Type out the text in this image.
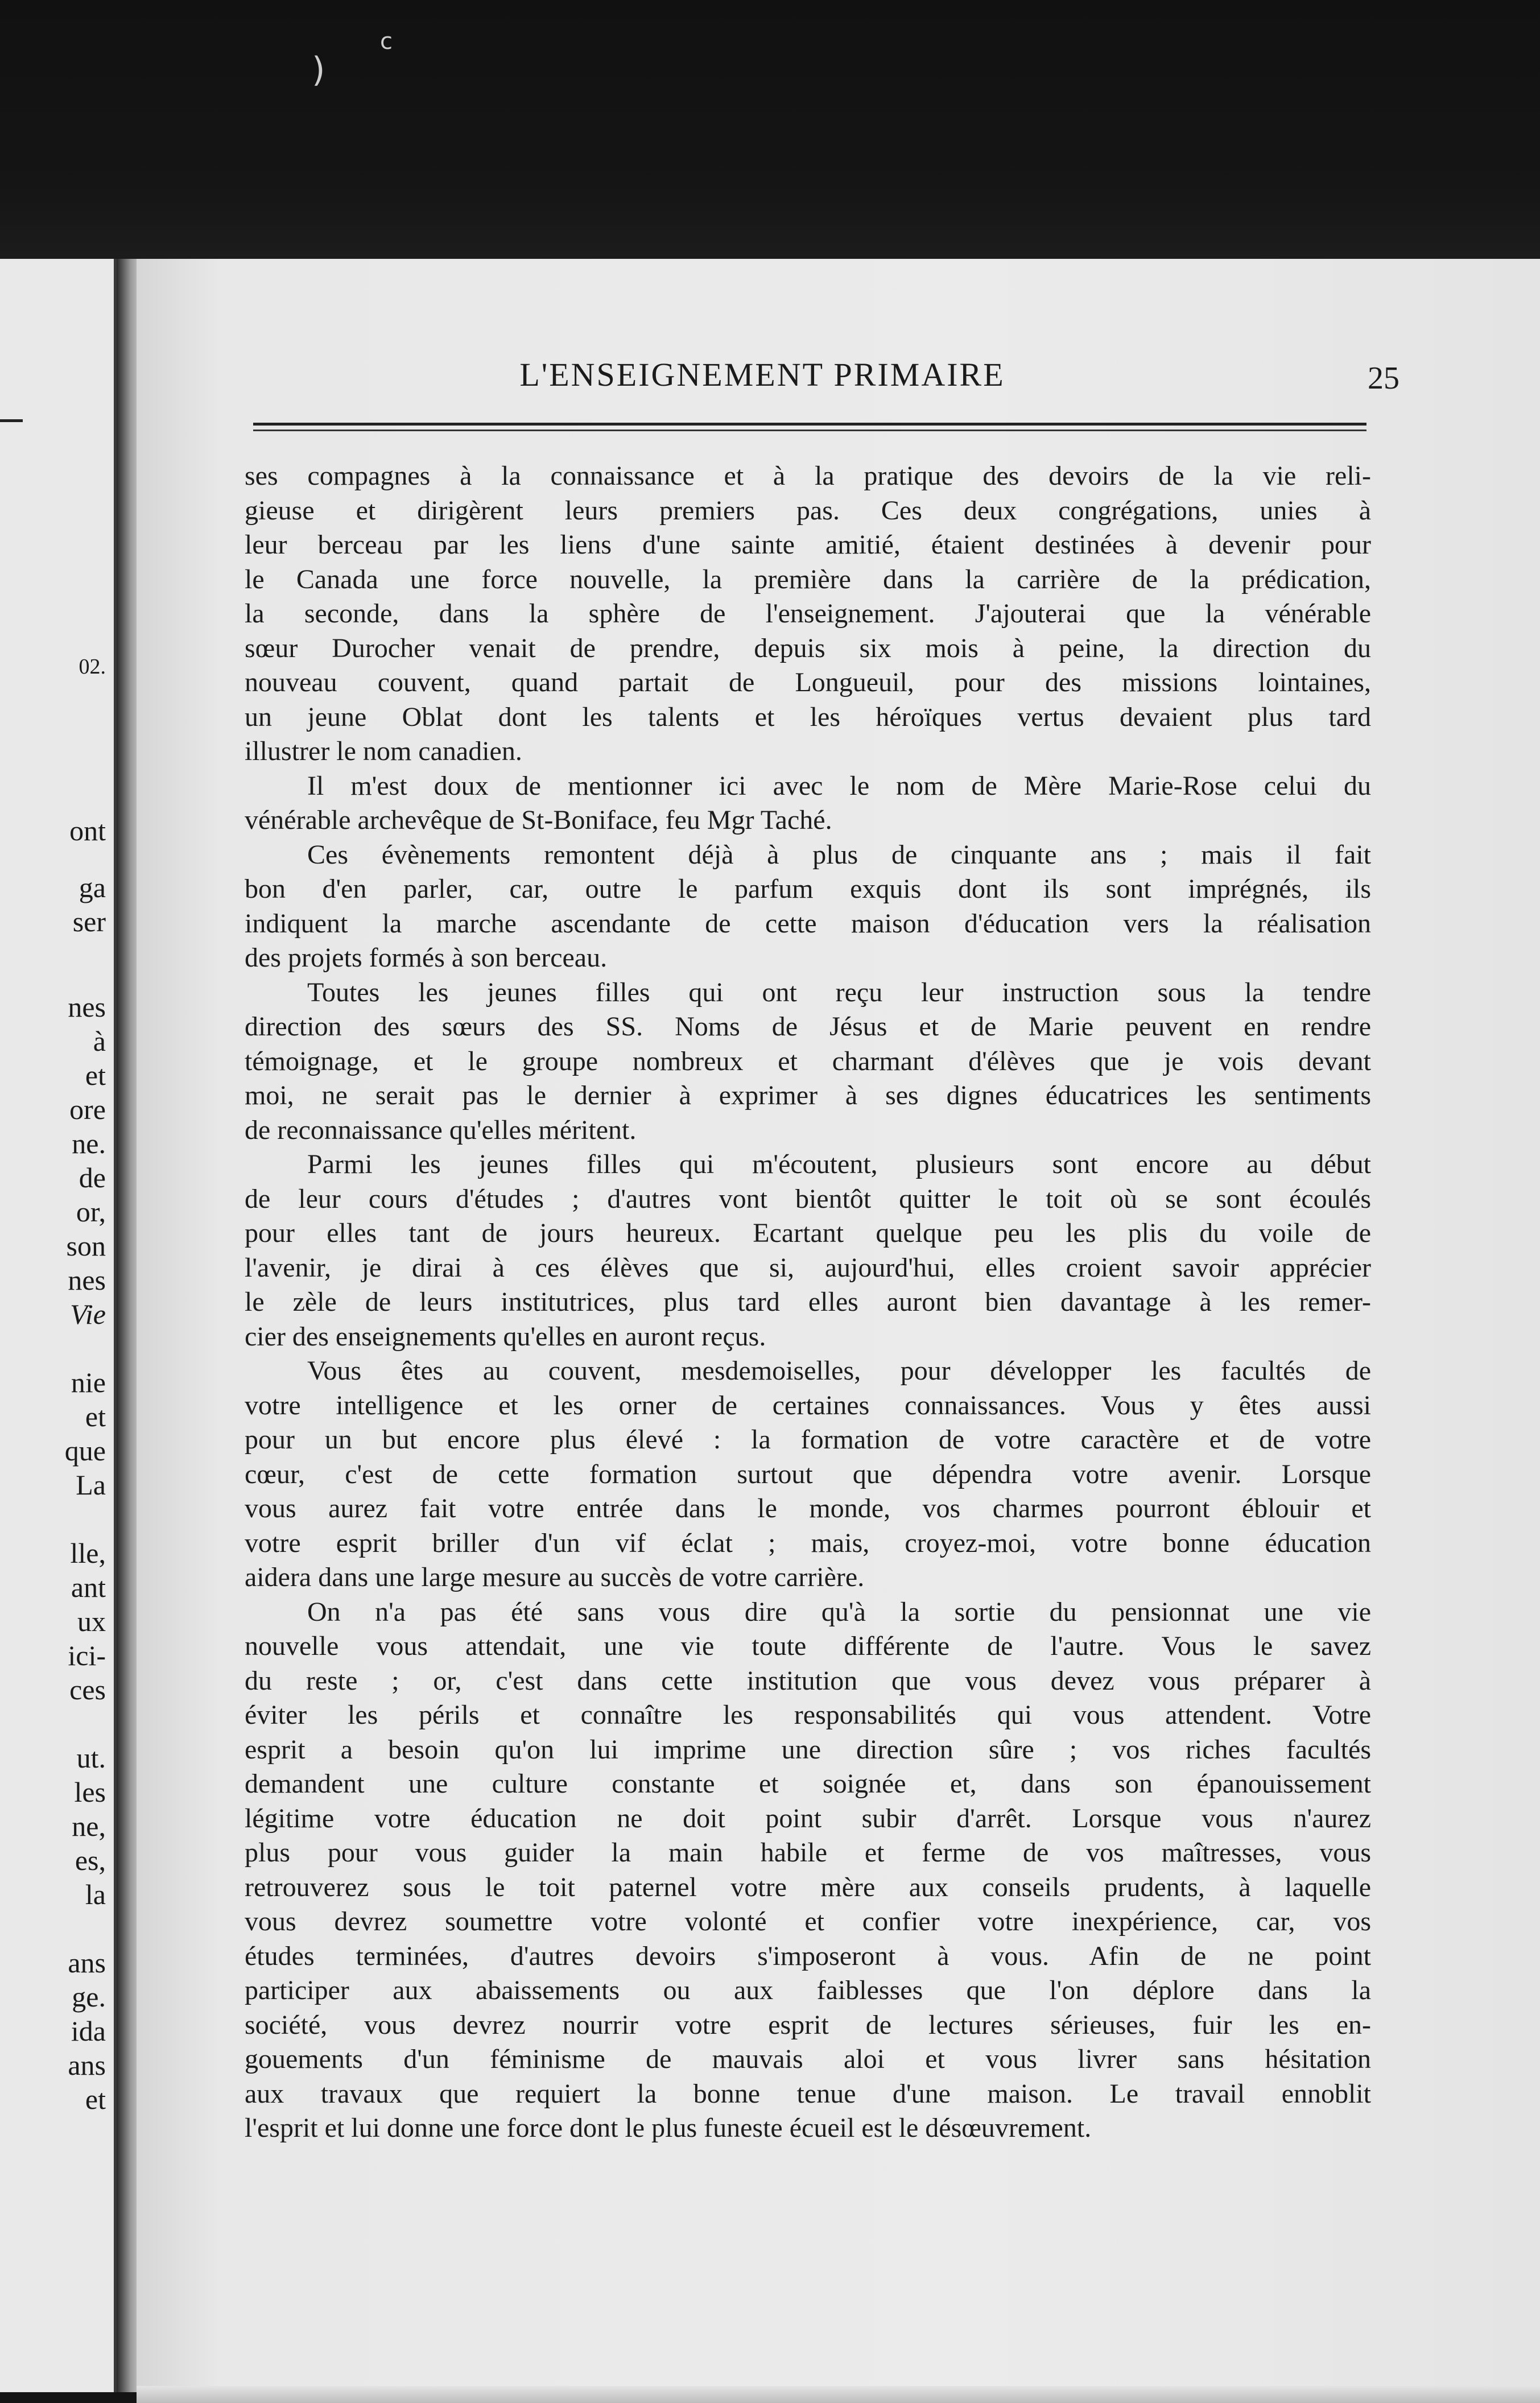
)
c
02.
ont
ga
ser
nes
à
et
ore
ne.
de
or,
son
nes
Vie
nie
et
que
La
lle,
ant
ux
ici-
ces
ut.
les
ne,
es,
la
ans
ge.
ida
ans
et
L'ENSEIGNEMENT PRIMAIRE	25
ses compagnes à la connaissance et à la pratique des devoirs de la vie reli-
gieuse et dirigèrent leurs premiers pas. Ces deux congrégations, unies à
leur berceau par les liens d'une sainte amitié, étaient destinées à devenir pour
le Canada une force nouvelle, la première dans la carrière de la prédication,
la seconde, dans la sphère de l'enseignement. J'ajouterai que la vénérable
sœur Durocher venait de prendre, depuis six mois à peine, la direction du
nouveau couvent, quand partait de Longueuil, pour des missions lointaines,
un jeune Oblat dont les talents et les héroïques vertus devaient plus tard
illustrer le nom canadien.
Il m'est doux de mentionner ici avec le nom de Mère Marie-Rose celui du
vénérable archevêque de St-Boniface, feu Mgr Taché.
Ces évènements remontent déjà à plus de cinquante ans ; mais il fait
bon d'en parler, car, outre le parfum exquis dont ils sont imprégnés, ils
indiquent la marche ascendante de cette maison d'éducation vers la réalisation
des projets formés à son berceau.
Toutes les jeunes filles qui ont reçu leur instruction sous la tendre
direction des sœurs des SS. Noms de Jésus et de Marie peuvent en rendre
témoignage, et le groupe nombreux et charmant d'élèves que je vois devant
moi, ne serait pas le dernier à exprimer à ses dignes éducatrices les sentiments
de reconnaissance qu'elles méritent.
Parmi les jeunes filles qui m'écoutent, plusieurs sont encore au début
de leur cours d'études ; d'autres vont bientôt quitter le toit où se sont écoulés
pour elles tant de jours heureux. Ecartant quelque peu les plis du voile de
l'avenir, je dirai à ces élèves que si, aujourd'hui, elles croient savoir apprécier
le zèle de leurs institutrices, plus tard elles auront bien davantage à les remer-
cier des enseignements qu'elles en auront reçus.
Vous êtes au couvent, mesdemoiselles, pour développer les facultés de
votre intelligence et les orner de certaines connaissances. Vous y êtes aussi
pour un but encore plus élevé : la formation de votre caractère et de votre
cœur, c'est de cette formation surtout que dépendra votre avenir. Lorsque
vous aurez fait votre entrée dans le monde, vos charmes pourront éblouir et
votre esprit briller d'un vif éclat ; mais, croyez-moi, votre bonne éducation
aidera dans une large mesure au succès de votre carrière.
On n'a pas été sans vous dire qu'à la sortie du pensionnat une vie
nouvelle vous attendait, une vie toute différente de l'autre. Vous le savez
du reste ; or, c'est dans cette institution que vous devez vous préparer à
éviter les périls et connaître les responsabilités qui vous attendent. Votre
esprit a besoin qu'on lui imprime une direction sûre ; vos riches facultés
demandent une culture constante et soignée et, dans son épanouissement
légitime votre éducation ne doit point subir d'arrêt. Lorsque vous n'aurez
plus pour vous guider la main habile et ferme de vos maîtresses, vous
retrouverez sous le toit paternel votre mère aux conseils prudents, à laquelle
vous devrez soumettre votre volonté et confier votre inexpérience, car, vos
études terminées, d'autres devoirs s'imposeront à vous. Afin de ne point
participer aux abaissements ou aux faiblesses que l'on déplore dans la
société, vous devrez nourrir votre esprit de lectures sérieuses, fuir les en-
gouements d'un féminisme de mauvais aloi et vous livrer sans hésitation
aux travaux que requiert la bonne tenue d'une maison. Le travail ennoblit
l'esprit et lui donne une force dont le plus funeste écueil est le désœuvrement.
